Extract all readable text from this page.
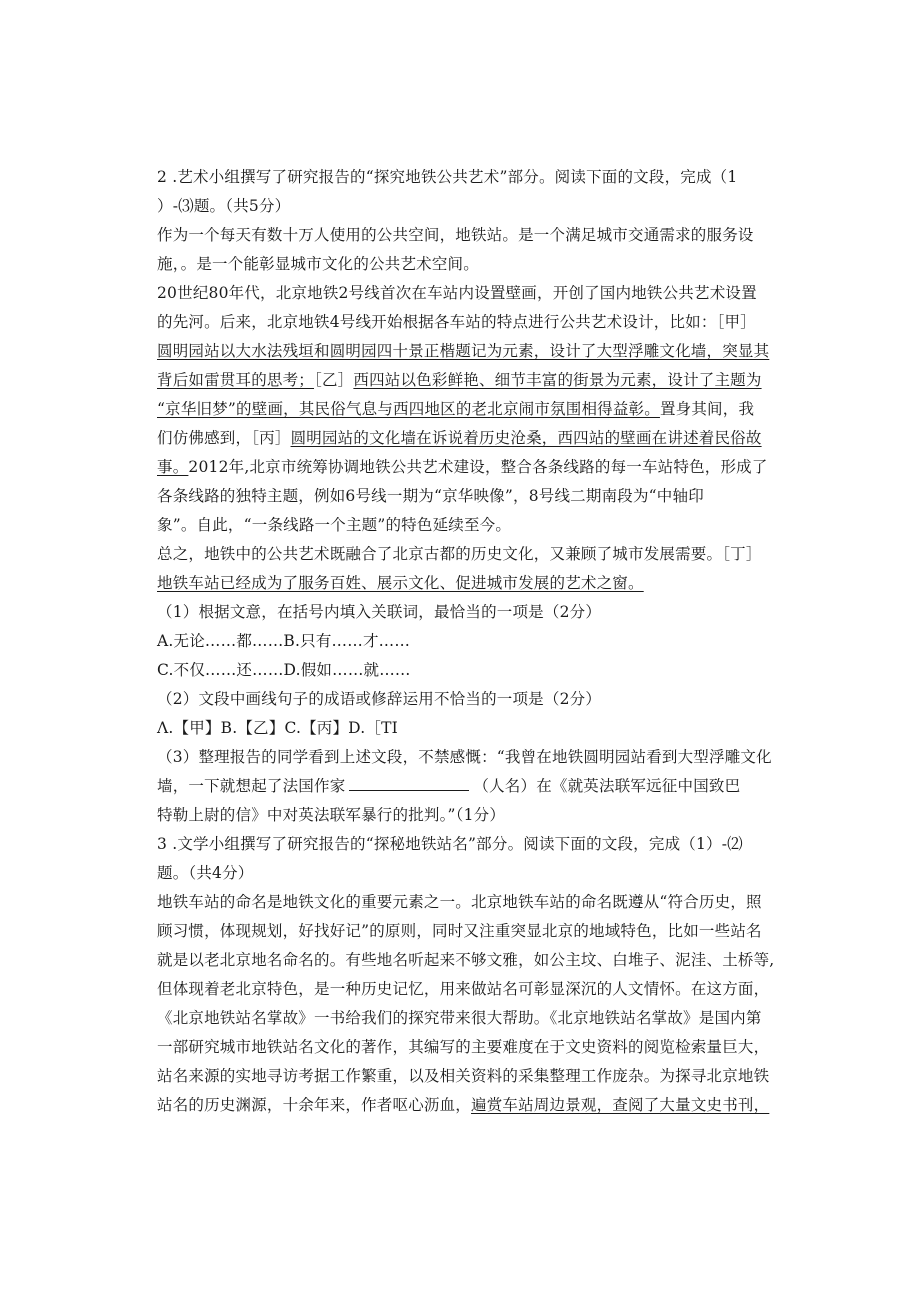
2 .艺术小组撰写了研究报告的“探究地铁公共艺术”部分。阅读下面的文段，完成（1
）-⑶题。（共5分）
作为一个每天有数十万人使用的公共空间，地铁站。是一个满足城市交通需求的服务设
施，。是一个能彰显城市文化的公共艺术空间。
20世纪80年代，北京地铁2号线首次在车站内设置壁画，开创了国内地铁公共艺术设置
的先河。后来，北京地铁4号线开始根据各车站的特点进行公共艺术设计，比如：［甲］
圆明园站以大水法残垣和圆明园四十景正楷题记为元素，设计了大型浮雕文化墙，突显其
背后如雷贯耳的思考；［乙］西四站以色彩鲜艳、细节丰富的街景为元素，设计了主题为
“京华旧梦”的壁画，其民俗气息与西四地区的老北京闹市氛围相得益彰。置身其间，我
们仿佛感到，［丙］圆明园站的文化墙在诉说着历史沧桑，西四站的壁画在讲述着民俗故
事。2012年,北京市统筹协调地铁公共艺术建设，整合各条线路的每一车站特色，形成了
各条线路的独特主题，例如6号线一期为“京华映像”，8号线二期南段为“中轴印
象”。自此，“一条线路一个主题”的特色延续至今。
总之，地铁中的公共艺术既融合了北京古都的历史文化，又兼顾了城市发展需要。［丁］
地铁车站已经成为了服务百姓、展示文化、促进城市发展的艺术之窗。
（1）根据文意，在括号内填入关联词，最恰当的一项是（2分）
A.无论……都……B.只有……才……
C.不仅……还……D.假如……就……
（2）文段中画线句子的成语或修辞运用不恰当的一项是（2分）
Λ.【甲】B.【乙】C.【丙】D.［TI
（3）整理报告的同学看到上述文段，不禁感慨：“我曾在地铁圆明园站看到大型浮雕文化
墙，一下就想起了法国作家	（人名）在《就英法联军远征中国致巴
特勒上尉的信》中对英法联军暴行的批判。”（1分）
3 .文学小组撰写了研究报告的“探秘地铁站名”部分。阅读下面的文段，完成（1）-⑵
题。（共4分）
地铁车站的命名是地铁文化的重要元素之一。北京地铁车站的命名既遵从“符合历史，照
顾习惯，体现规划，好找好记”的原则，同时又注重突显北京的地域特色，比如一些站名
就是以老北京地名命名的。有些地名听起来不够文雅，如公主坟、白堆子、泥洼、土桥等,
但体现着老北京特色，是一种历史记忆，用来做站名可彰显深沉的人文情怀。在这方面，
《北京地铁站名掌故》一书给我们的探究带来很大帮助。《北京地铁站名掌故》是国内第
一部研究城市地铁站名文化的著作，其编写的主要难度在于文史资料的阅览检索量巨大，
站名来源的实地寻访考据工作繁重，以及相关资料的采集整理工作庞杂。为探寻北京地铁
站名的历史渊源，十余年来，作者呕心沥血，遍赏车站周边景观，查阅了大量文史书刊，
